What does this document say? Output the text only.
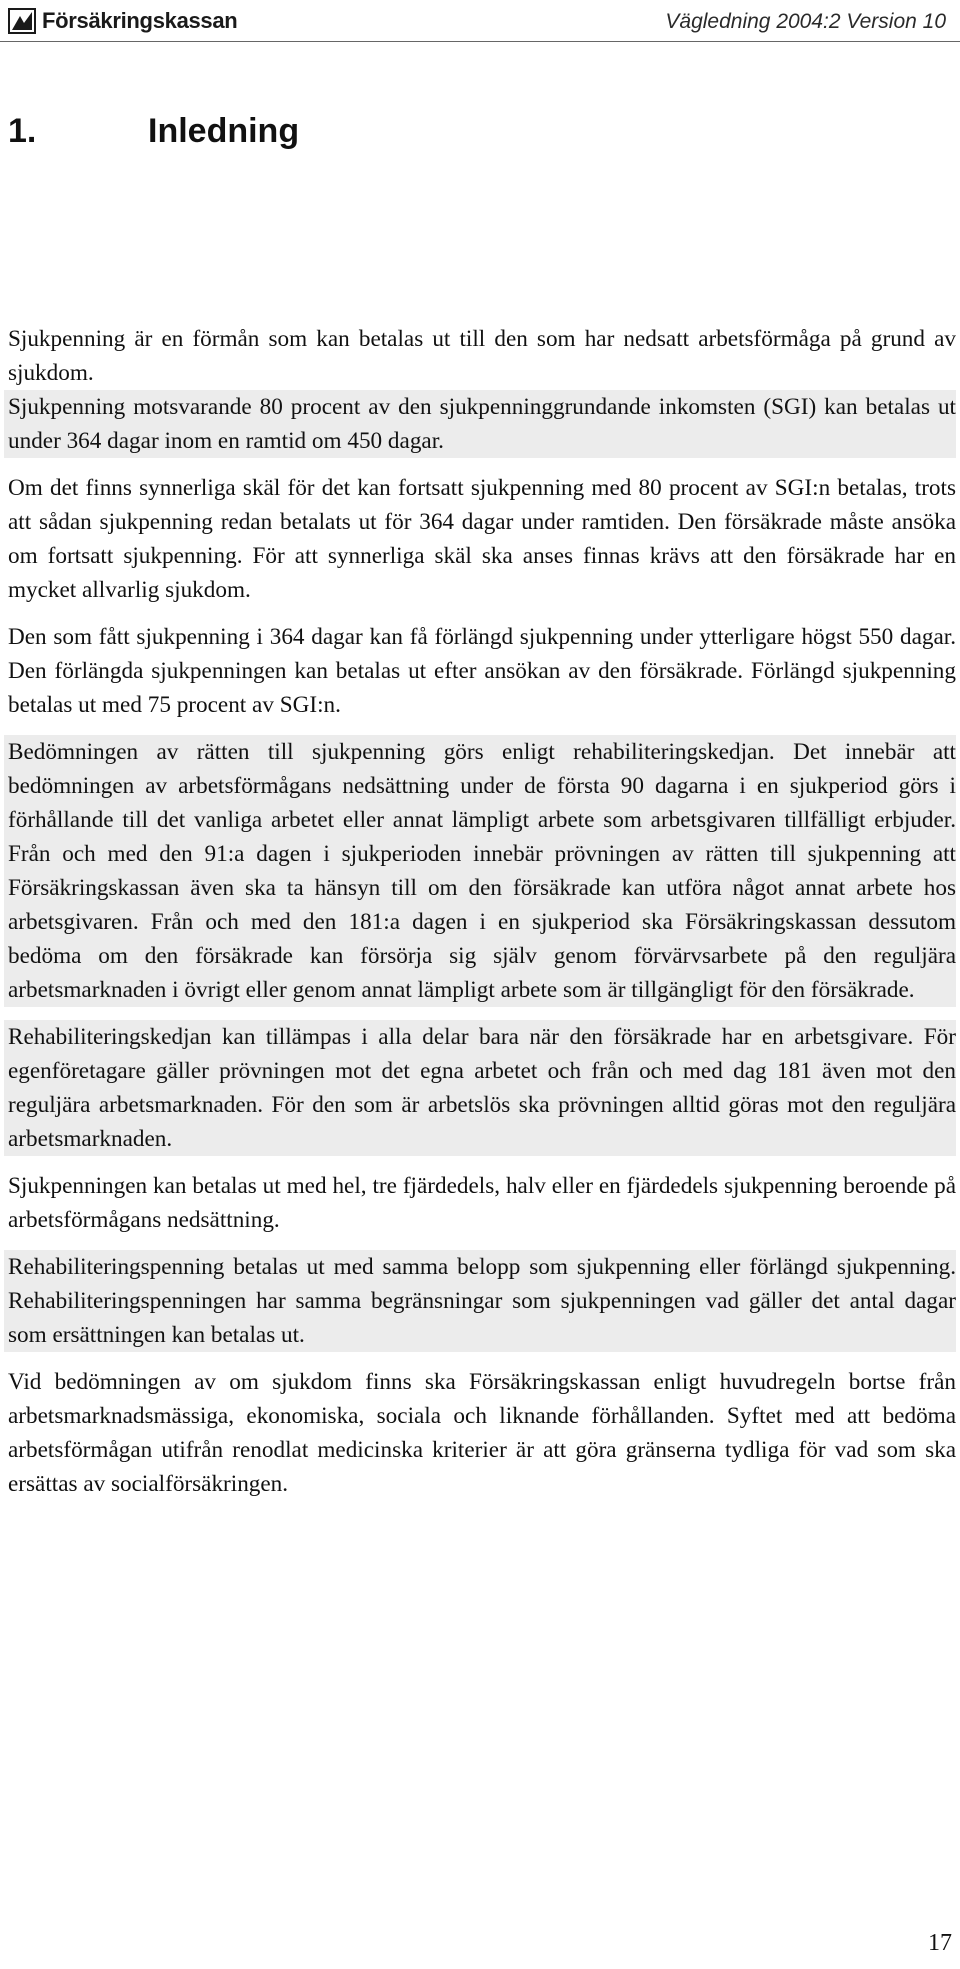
Försäkringskassan	Vägledning 2004:2 Version 10
1.	Inledning

Sjukpenning är en förmån som kan betalas ut till den som har nedsatt arbetsförmåga på grund av sjukdom.

Sjukpenning motsvarande 80 procent av den sjukpenninggrundande inkomsten (SGI) kan betalas ut under 364 dagar inom en ramtid om 450 dagar.

Om det finns synnerliga skäl för det kan fortsatt sjukpenning med 80 procent av SGI:n betalas, trots att sådan sjukpenning redan betalats ut för 364 dagar under ramtiden. Den försäkrade måste ansöka om fortsatt sjukpenning. För att synnerliga skäl ska anses finnas krävs att den försäkrade har en mycket allvarlig sjukdom.

Den som fått sjukpenning i 364 dagar kan få förlängd sjukpenning under ytterligare högst 550 dagar. Den förlängda sjukpenningen kan betalas ut efter ansökan av den försäkrade. Förlängd sjukpenning betalas ut med 75 procent av SGI:n.

Bedömningen av rätten till sjukpenning görs enligt rehabiliteringskedjan. Det innebär att bedömningen av arbetsförmågans nedsättning under de första 90 dagarna i en sjukperiod görs i förhållande till det vanliga arbetet eller annat lämpligt arbete som arbetsgivaren tillfälligt erbjuder. Från och med den 91:a dagen i sjukperioden innebär prövningen av rätten till sjukpenning att Försäkringskassan även ska ta hänsyn till om den försäkrade kan utföra något annat arbete hos arbetsgivaren. Från och med den 181:a dagen i en sjukperiod ska Försäkringskassan dessutom bedöma om den försäkrade kan försörja sig själv genom förvärvsarbete på den reguljära arbetsmarknaden i övrigt eller genom annat lämpligt arbete som är tillgängligt för den försäkrade.

Rehabiliteringskedjan kan tillämpas i alla delar bara när den försäkrade har en arbetsgivare. För egenföretagare gäller prövningen mot det egna arbetet och från och med dag 181 även mot den reguljära arbetsmarknaden. För den som är arbetslös ska prövningen alltid göras mot den reguljära arbetsmarknaden.

Sjukpenningen kan betalas ut med hel, tre fjärdedels, halv eller en fjärdedels sjukpenning beroende på arbetsförmågans nedsättning.

Rehabiliteringspenning betalas ut med samma belopp som sjukpenning eller förlängd sjukpenning. Rehabiliteringspenningen har samma begränsningar som sjukpenningen vad gäller det antal dagar som ersättningen kan betalas ut.

Vid bedömningen av om sjukdom finns ska Försäkringskassan enligt huvudregeln bortse från arbetsmarknadsmässiga, ekonomiska, sociala och liknande förhållanden. Syftet med att bedöma arbetsförmågan utifrån renodlat medicinska kriterier är att göra gränserna tydliga för vad som ska ersättas av socialförsäkringen.

17
